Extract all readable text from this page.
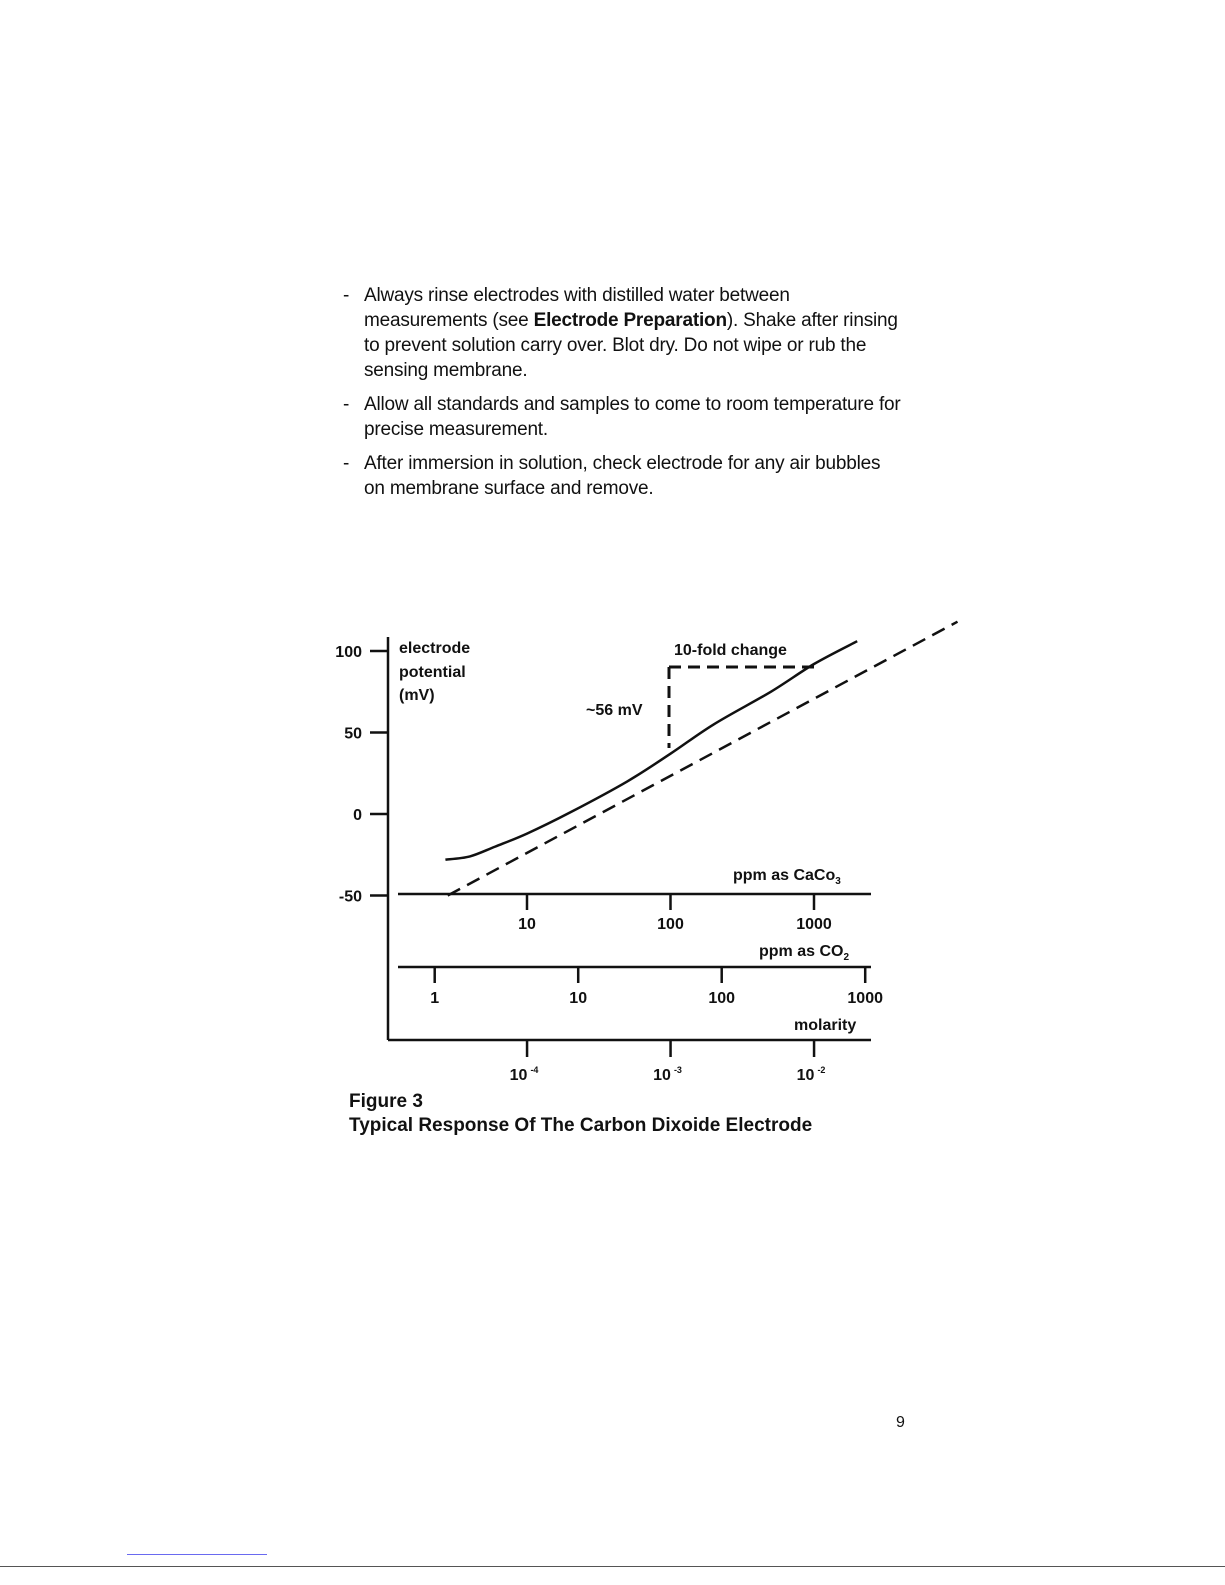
- Always rinse electrodes with distilled water between measurements (see Electrode Preparation). Shake after rinsing to prevent solution carry over. Blot dry. Do not wipe or rub the sensing membrane.
- Allow all standards and samples to come to room temperature for precise measurement.
- After immersion in solution, check electrode for any air bubbles on membrane surface and remove.
100
50
0
-50
electrode
potential
(mV)
10	100	1000
1	10	100	1000
10 $^{-4}$	10 $^{-3}$	10 $^{-2}$
ppm as CaCo$_3$
ppm as $CO_2$
molarity
~56 mV
10-fold change
Figure 3
Typical Response Of The Carbon Dixoide Electrode
9
